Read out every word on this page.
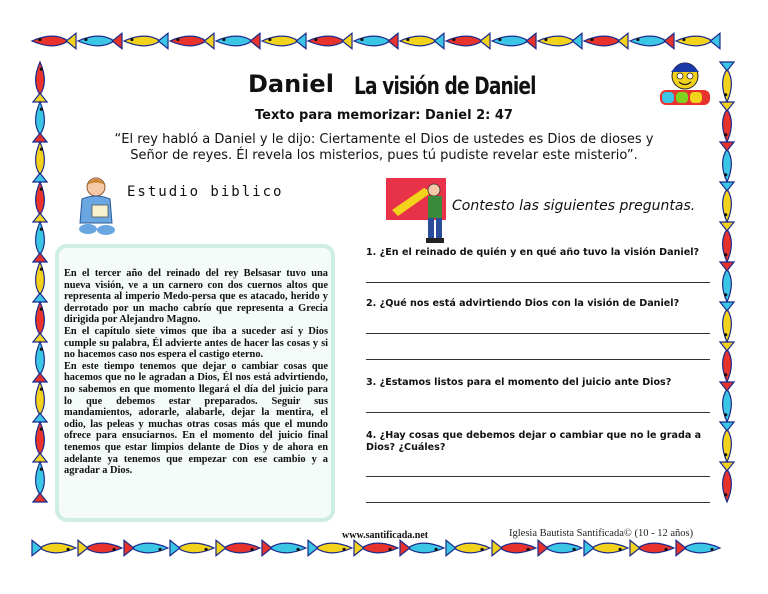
Daniel La visión de Daniel
Texto para memorizar: Daniel 2: 47
“El rey habló a Daniel y le dijo: Ciertamente el Dios de ustedes es Dios de dioses y Señor de reyes. Él revela los misterios, pues tú pudiste revelar este misterio”.
Estudio biblico

En el tercer año del reinado del rey Belsasar tuvo una nueva visión, ve a un carnero con dos cuernos altos que representa al imperio Medo-persa que es atacado, herido y derrotado por un macho cabrío que representa a Grecia dirigida por Alejandro Magno.

En el capítulo siete vimos que iba a suceder así y Dios cumple su palabra, Él advierte antes de hacer las cosas y si no hacemos caso nos espera el castigo eterno.

En este tiempo tenemos que dejar o cambiar cosas que hacemos que no le agradan a Dios, Él nos está advirtiendo, no sabemos en que momento llegará el día del juicio para lo que debemos estar preparados. Seguir sus mandamientos, adorarle, alabarle, dejar la mentira, el odio, las peleas y muchas otras cosas más que el mundo ofrece para ensuciarnos. En el momento del juicio final tenemos que estar limpios delante de Dios y de ahora en adelante ya tenemos que empezar con ese cambio y a agradar a Dios.

Contesto las siguientes preguntas.
1. ¿En el reinado de quién y en qué año tuvo la visión Daniel?
2. ¿Qué nos está advirtiendo Dios con la visión de Daniel?
3. ¿Estamos listos para el momento del juicio ante Dios?
4. ¿Hay cosas que debemos dejar o cambiar que no le grada a Dios? ¿Cuáles?
www.santificada.net	Iglesia Bautista Santificada© (10 - 12 años)
